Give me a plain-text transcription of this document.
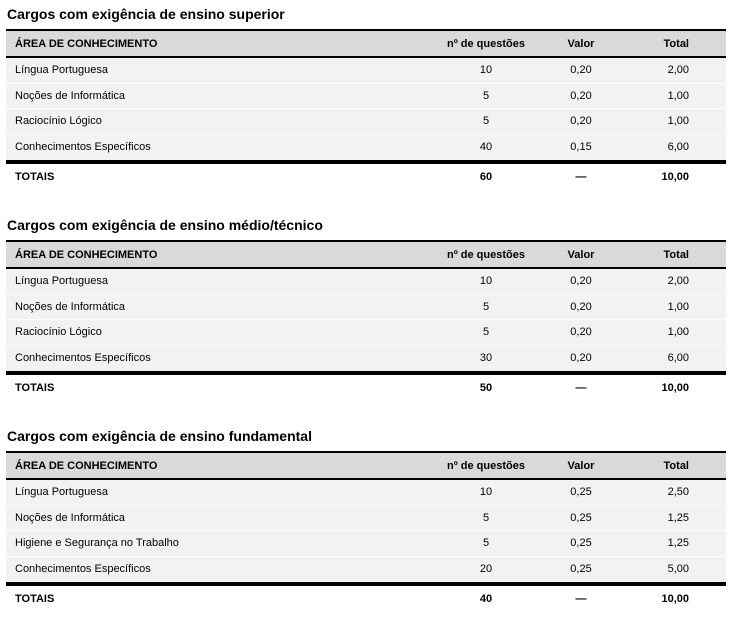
Cargos com exigência de ensino superior
ÁREA DE CONHECIMENTO	nº de questões	Valor	Total
Língua Portuguesa	10	0,20	2,00
Noções de Informática	5	0,20	1,00
Raciocínio Lógico	5	0,20	1,00
Conhecimentos Específicos	40	0,15	6,00
TOTAIS	60	—	10,00
Cargos com exigência de ensino médio/técnico
ÁREA DE CONHECIMENTO	nº de questões	Valor	Total
Língua Portuguesa	10	0,20	2,00
Noções de Informática	5	0,20	1,00
Raciocínio Lógico	5	0,20	1,00
Conhecimentos Específicos	30	0,20	6,00
TOTAIS	50	—	10,00
Cargos com exigência de ensino fundamental
ÁREA DE CONHECIMENTO	nº de questões	Valor	Total
Língua Portuguesa	10	0,25	2,50
Noções de Informática	5	0,25	1,25
Higiene e Segurança no Trabalho	5	0,25	1,25
Conhecimentos Específicos	20	0,25	5,00
TOTAIS	40	—	10,00
